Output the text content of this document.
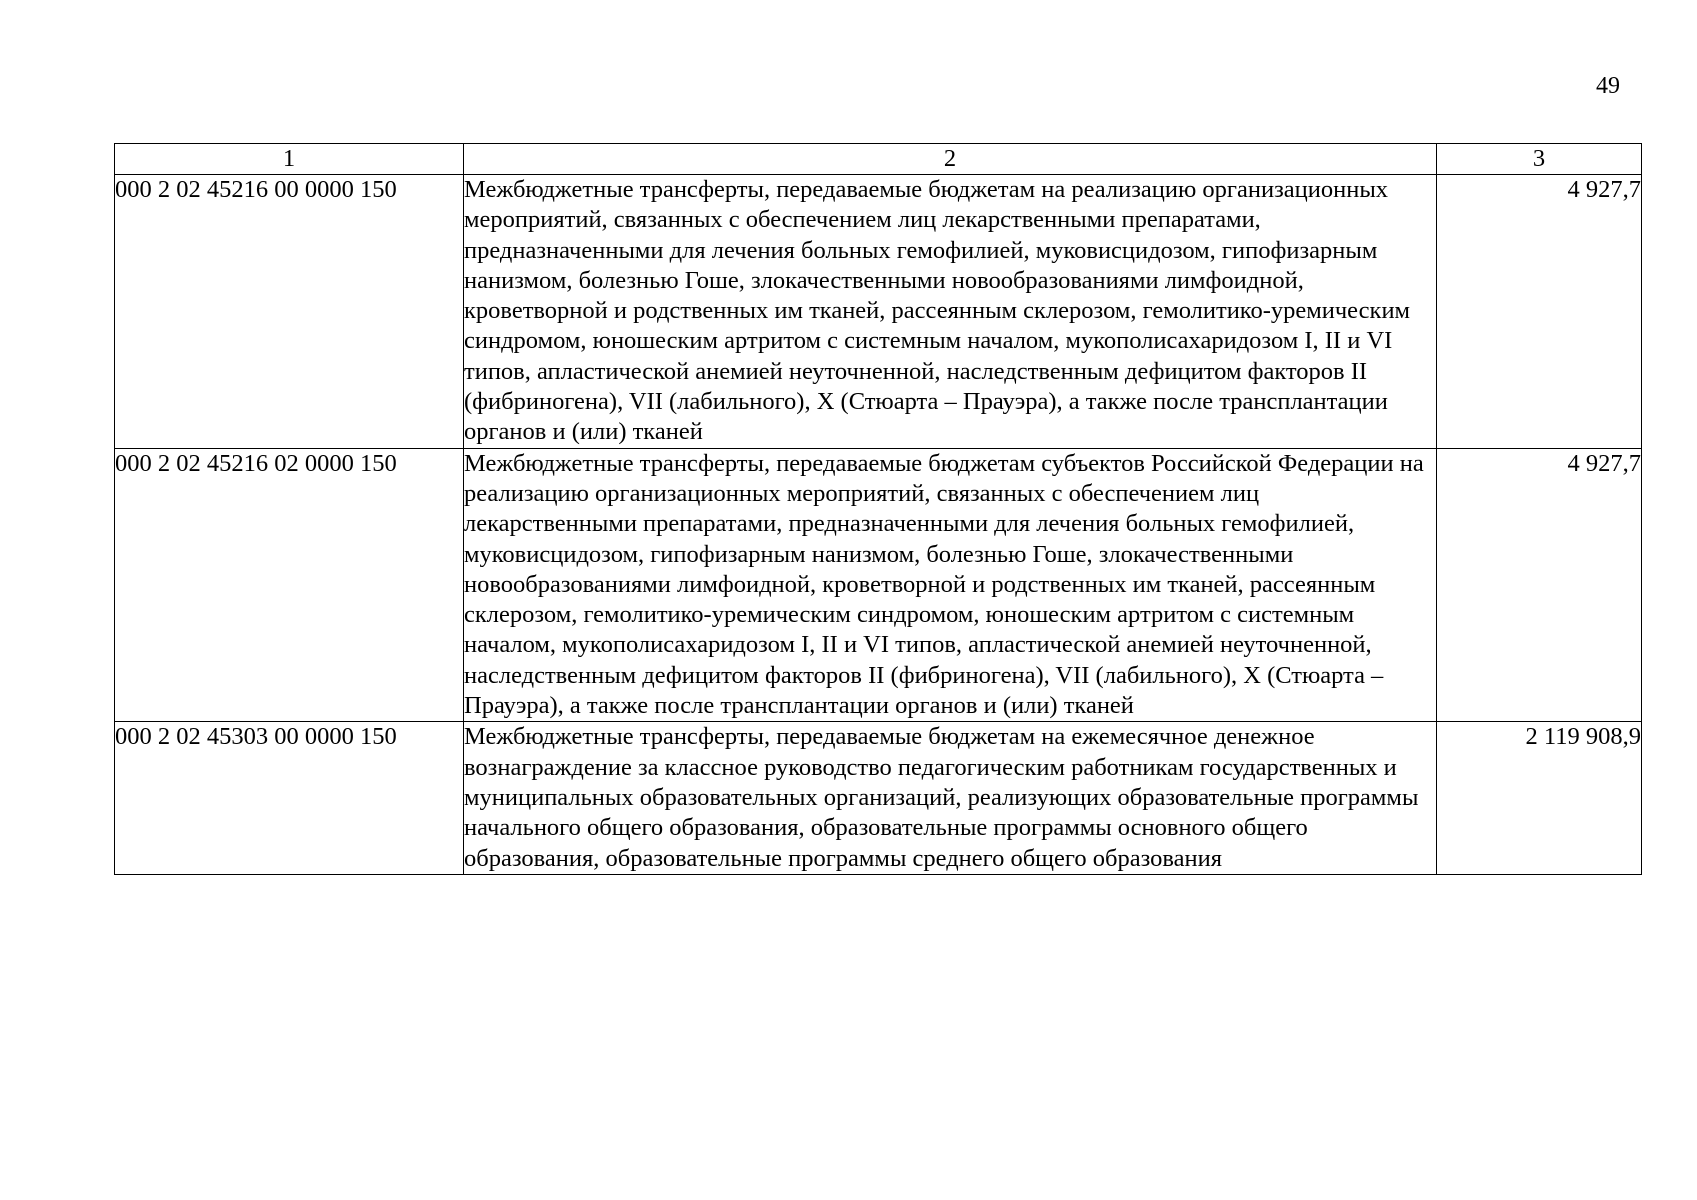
49
1	2	3
000 2 02 45216 00 0000 150	Межбюджетные трансферты, передаваемые бюджетам на реализацию организационных мероприятий, связанных с обеспечением лиц лекарственными препаратами, предназначенными для лечения больных гемофилией, муковисцидозом, гипофизарным нанизмом, болезнью Гоше, злокачественными новообразованиями лимфоидной, кроветворной и родственных им тканей, рассеянным склерозом, гемолитико-уремическим синдромом, юношеским артритом с системным началом, мукополисахаридозом I, II и VI типов, апластической анемией неуточненной, наследственным дефицитом факторов II (фибриногена), VII (лабильного), X (Стюарта – Прауэра), а также после трансплантации органов и (или) тканей	4 927,7
000 2 02 45216 02 0000 150	Межбюджетные трансферты, передаваемые бюджетам субъектов Российской Федерации на реализацию организационных мероприятий, связанных с обеспечением лиц лекарственными препаратами, предназначенными для лечения больных гемофилией, муковисцидозом, гипофизарным нанизмом, болезнью Гоше, злокачественными новообразованиями лимфоидной, кроветворной и родственных им тканей, рассеянным склерозом, гемолитико-уремическим синдромом, юношеским артритом с системным началом, мукополисахаридозом I, II и VI типов, апластической анемией неуточненной, наследственным дефицитом факторов II (фибриногена), VII (лабильного), X (Стюарта – Прауэра), а также после трансплантации органов и (или) тканей	4 927,7
000 2 02 45303 00 0000 150	Межбюджетные трансферты, передаваемые бюджетам на ежемесячное денежное вознаграждение за классное руководство педагогическим работникам государственных и муниципальных образовательных организаций, реализующих образовательные программы начального общего образования, образовательные программы основного общего образования, образовательные программы среднего общего образования	2 119 908,9
